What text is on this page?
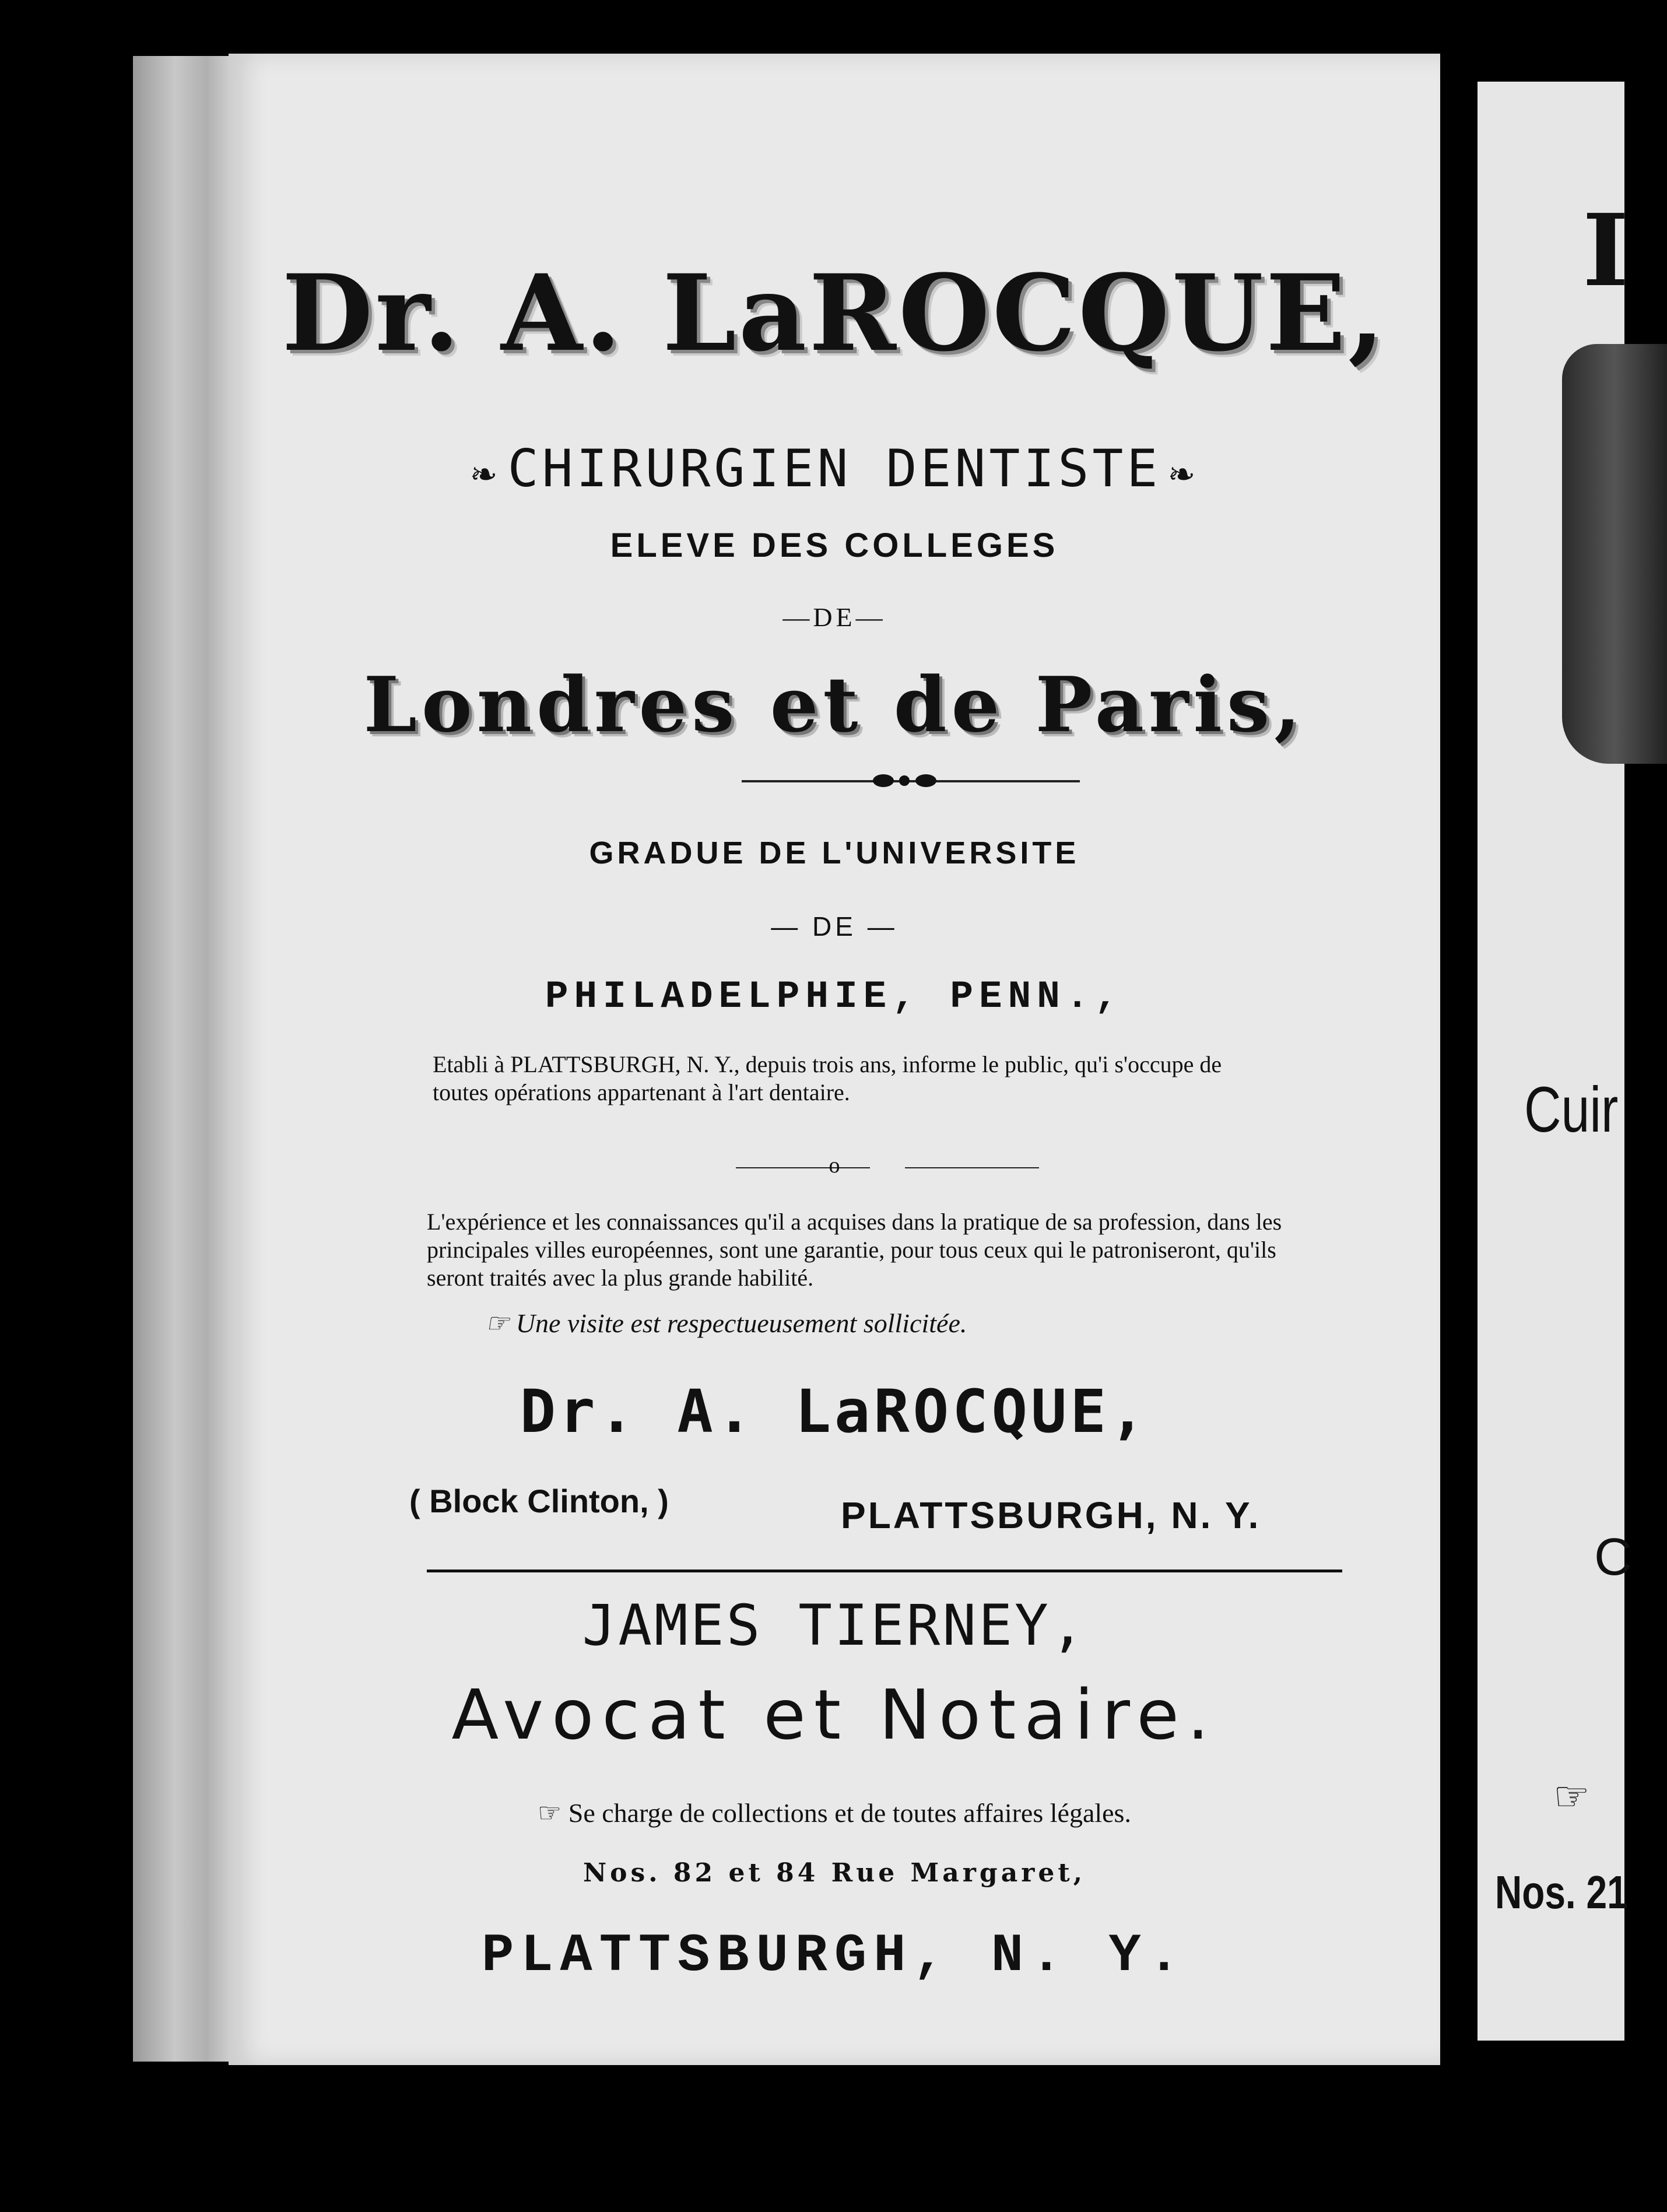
Dr. A. LaROCQUE,
❧ CHIRURGIEN DENTISTE ❧
ELEVE DES COLLEGES
—DE—
Londres et de Paris,
GRADUE DE L'UNIVERSITE
— DE —
PHILADELPHIE, PENN.,
Etabli à PLATTSBURGH, N. Y., depuis trois ans, informe le public, qu'i s'occupe de toutes opérations appartenant à l'art dentaire.
o
L'expérience et les connaissances qu'il a acquises dans la pratique de sa profession, dans les principales villes européennes, sont une garantie, pour tous ceux qui le patroniseront, qu'ils seront traités avec la plus grande habilité.
☞ Une visite est respectueusement sollicitée.
Dr. A. LaROCQUE,
( Block Clinton, )	PLATTSBURGH, N. Y.
JAMES TIERNEY,
Avocat et Notaire.
☞ Se charge de collections et de toutes affaires légales.
Nos. 82 et 84 Rue Margaret,
PLATTSBURGH, N. Y.
I
Cuir
C
☞
Nos. 21
